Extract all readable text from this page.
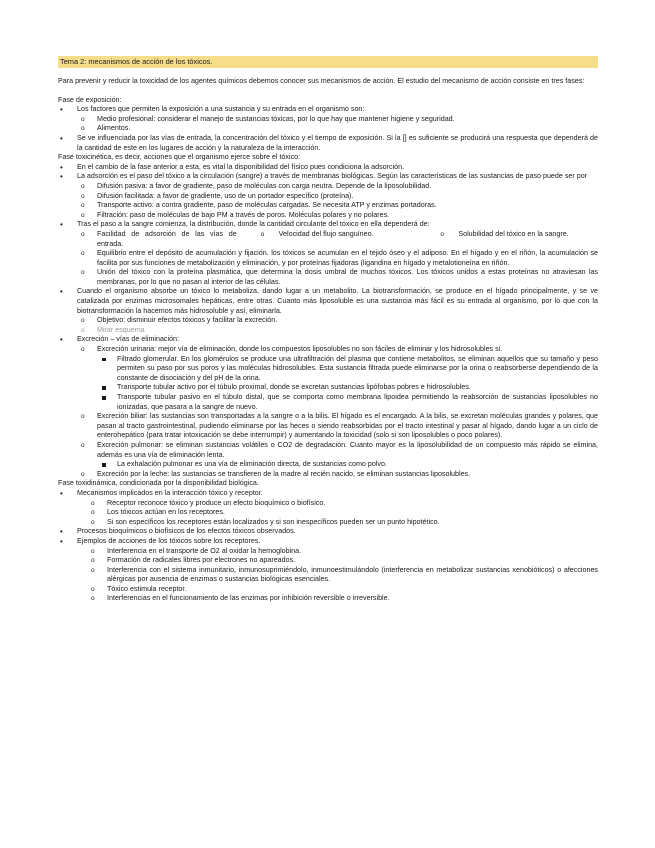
Tema 2: mecanismos de acción de los tóxicos.

Para prevenir y reducir la toxicidad de los agentes químicos debemos conocer sus mecanismos de acción. El estudio del mecanismo de acción consiste en tres fases:

Fase de exposición:
• Los factores que permiten la exposición a una sustancia y su entrada en el organismo son:
o Medio profesional: considerar el manejo de sustancias tóxicas, por lo que hay que mantener higiene y seguridad.
o Alimentos.
• Se ve influenciada por las vías de entrada, la concentración del tóxico y el tiempo de exposición. Si la [] es suficiente se producirá una respuesta que dependerá de la cantidad de este en los lugares de acción y la naturaleza de la interacción.
Fase toxicinética, es decir, acciones que el organismo ejerce sobre el tóxico:
• En el cambio de la fase anterior a esta, es vital la disponibilidad del físico pues condiciona la adsorción.
• La adsorción es el paso del tóxico a la circulación (sangre) a través de membranas biológicas. Según las características de las sustancias de paso puede ser por
o Difusión pasiva: a favor de gradiente, paso de moléculas con carga neutra. Depende de la liposolubilidad.
o Difusión facilitada: a favor de gradiente, uso de un portador específico (proteína).
o Transporte activo: a contra gradiente, paso de moléculas cargadas. Se necesita ATP y enzimas portadoras.
o Filtración: paso de moléculas de bajo PM a través de poros. Moléculas polares y no polares.
• Tras el paso a la sangre comienza, la distribución, donde la cantidad circulante del tóxico en ella dependerá de:
o Facilidad de adsorción de las vías de entrada.
Velocidad del flujo sanguíneo.
o	Solubilidad del tóxico en la sangre.
o
o Equilibrio entre el depósito de acumulación y fijación. los tóxicos se acumulan en el tejido óseo y el adiposo. En el hígado y en el riñón, la acumulación se facilita por sus funciones de metabolización y eliminación, y por proteínas fijadoras (ligandina en hígado y metalotioneína en riñón.
o Unión del tóxico con la proteína plasmática, que determina la dosis umbral de muchos tóxicos. Los tóxicos unidos a estas proteínas no atraviesan las membranas, por lo que no pasan al interior de las células.
• Cuando el organismo absorbe un tóxico lo metaboliza, dando lugar a un metabolito. La biotransformación, se produce en el hígado principalmente, y se ve catalizada por enzimas microsomales hepáticas, entre otras. Cuanto más liposoluble es una sustancia más fácil es su entrada al organismo, por lo que con la biotransformación la hacemos más hidrosoluble y así, eliminarla.
o Objetivo: disminuir efectos tóxicos y facilitar la excreción.
o Mirar esquema
• Excreción – vías de eliminación:
o Excreción urinaria: mejor vía de eliminación, donde los compuestos liposolubles no son fáciles de eliminar y los hidrosolubles sí.
Filtrado glomerular. En los glomérulos se produce una ultrafiltración del plasma que contiene metabolitos, se eliminan aquellos que su tamaño y peso permiten su paso por sus poros y las moléculas hidrosolubles. Esta sustancia filtrada puede eliminarse por la orina o reabsorberse dependiendo de la constante de disociación y del pH de la orina.
Transporte tubular activo por el túbulo proximal, donde se excretan sustancias lipófobas pobres e hidrosolubles.
Transporte tubular pasivo en el túbulo distal, que se comporta como membrana lipoidea permitiendo la reabsorción de sustancias liposolubles no ionizadas, que pasara a la sangre de nuevo.
o Excreción biliar: las sustancias son transportadas a la sangre o a la bilis. El hígado es el encargado. A la bilis, se excretan moléculas grandes y polares, que pasan al tracto gastrointestinal, pudiendo eliminarse por las heces o siendo reabsorbidas por el tracto intestinal y pasar al hígado, dando lugar a un ciclo de enterohepático (para tratar intoxicación se debe interrumpir) y aumentando la toxicidad (solo si son liposolubles o poco polares).
o Excreción pulmonar: se eliminan sustancias volátiles o CO2 de degradación. Cuanto mayor es la liposolubilidad de un compuesto más rápido se elimina, además es una vía de eliminación lenta.
La exhalación pulmonar es una vía de eliminación directa, de sustancias como polvo.
o Excreción por la leche: las sustancias se transfieren de la madre al recién nacido, se eliminan sustancias liposolubles.
Fase toxidinámica, condicionada por la disponibilidad biológica.
• Mecanismos implicados en la interacción tóxico y receptor.
o Receptor reconoce tóxico y produce un efecto bioquímico o biofísico.
o Los tóxicos actúan en los receptores.
o Si son específicos los receptores están localizados y si son inespecíficos pueden ser un punto hipotético.
• Procesos bioquímicos o biofísicos de los efectos tóxicos observados.
• Ejemplos de acciones de los tóxicos sobre los receptores.
o Interferencia en el transporte de O2 al oxidar la hemoglobina.
o Formación de radicales libres por electrones no apareados.
o Interferencia con el sistema inmunitario, inmunosuprimiéndolo, inmunoestimulándolo (interferencia en metabolizar sustancias xenobióticos) o afecciones alérgicas por ausencia de enzimas o sustancias biológicas esenciales.
o Tóxico estimula receptor.
o Interferencias en el funcionamiento de las enzimas por inhibición reversible o irreversible.
